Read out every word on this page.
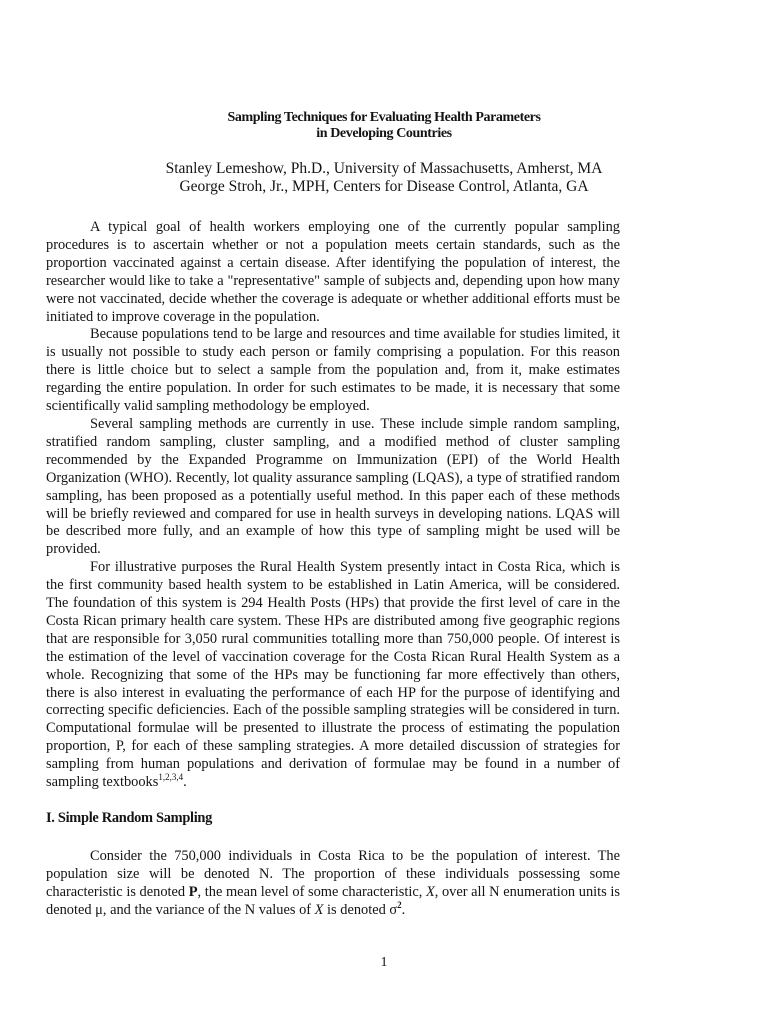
Sampling Techniques for Evaluating Health Parameters
in Developing Countries
Stanley Lemeshow, Ph.D., University of Massachusetts, Amherst, MA
George Stroh, Jr., MPH, Centers for Disease Control, Atlanta, GA

A typical goal of health workers employing one of the currently popular sampling procedures is to ascertain whether or not a population meets certain standards, such as the proportion vaccinated against a certain disease. After identifying the population of interest, the researcher would like to take a "representative" sample of subjects and, depending upon how many were not vaccinated, decide whether the coverage is adequate or whether additional efforts must be initiated to improve coverage in the population.

Because populations tend to be large and resources and time available for studies limited, it is usually not possible to study each person or family comprising a population. For this reason there is little choice but to select a sample from the population and, from it, make estimates regarding the entire population. In order for such estimates to be made, it is necessary that some scientifically valid sampling methodology be employed.

Several sampling methods are currently in use. These include simple random sampling, stratified random sampling, cluster sampling, and a modified method of cluster sampling recommended by the Expanded Programme on Immunization (EPI) of the World Health Organization (WHO). Recently, lot quality assurance sampling (LQAS), a type of stratified random sampling, has been proposed as a potentially useful method. In this paper each of these methods will be briefly reviewed and compared for use in health surveys in developing nations. LQAS will be described more fully, and an example of how this type of sampling might be used will be provided.

For illustrative purposes the Rural Health System presently intact in Costa Rica, which is the first community based health system to be established in Latin America, will be considered. The foundation of this system is 294 Health Posts (HPs) that provide the first level of care in the Costa Rican primary health care system. These HPs are distributed among five geographic regions that are responsible for 3,050 rural communities totalling more than 750,000 people. Of interest is the estimation of the level of vaccination coverage for the Costa Rican Rural Health System as a whole. Recognizing that some of the HPs may be functioning far more effectively than others, there is also interest in evaluating the performance of each HP for the purpose of identifying and correcting specific deficiencies. Each of the possible sampling strategies will be considered in turn. Computational formulae will be presented to illustrate the process of estimating the population proportion, P, for each of these sampling strategies. A more detailed discussion of strategies for sampling from human populations and derivation of formulae may be found in a number of sampling textbooks$^{1,2,3,4}$.

I. Simple Random Sampling

Consider the 750,000 individuals in Costa Rica to be the population of interest. The population size will be denoted N. The proportion of these individuals possessing some characteristic is denoted P, the mean level of some characteristic, X, over all N enumeration units is denoted μ, and the variance of the N values of X is denoted $\sigma^2$.

1
